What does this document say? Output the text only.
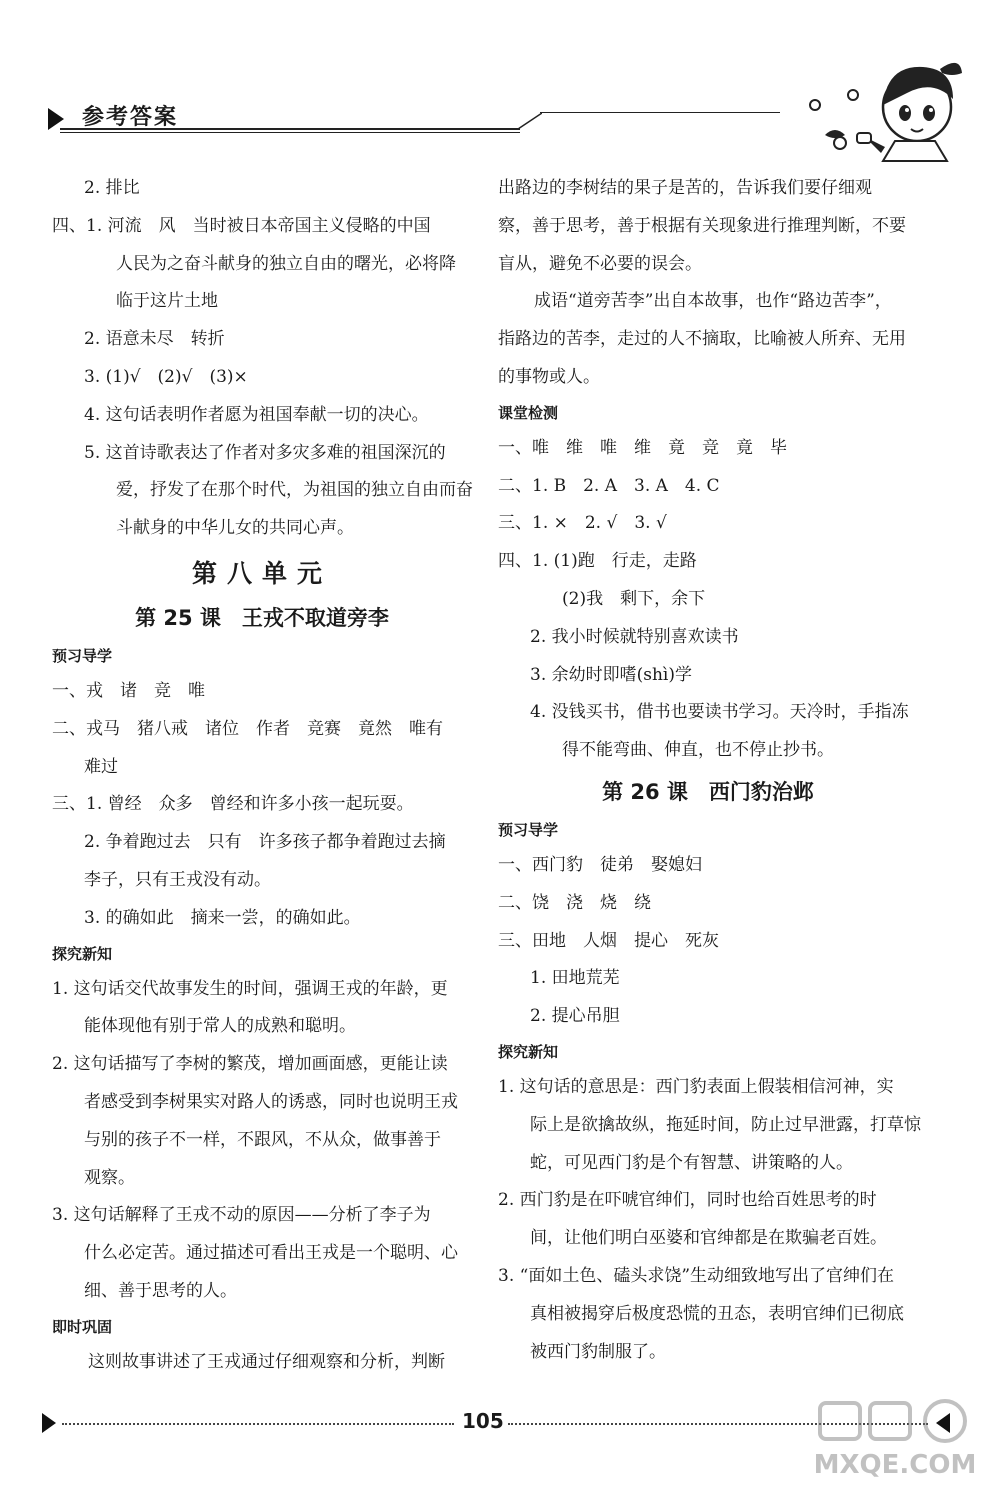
参考答案
2. 排比
四、1. 河流　风　当时被日本帝国主义侵略的中国
人民为之奋斗献身的独立自由的曙光，必将降
临于这片土地
2. 语意未尽　转折
3. (1)√　(2)√　(3)×
4. 这句话表明作者愿为祖国奉献一切的决心。
5. 这首诗歌表达了作者对多灾多难的祖国深沉的
爱，抒发了在那个时代，为祖国的独立自由而奋
斗献身的中华儿女的共同心声。
第八单元
第 25 课　王戎不取道旁李
预习导学
一、戎　诸　竞　唯
二、戎马　猪八戒　诸位　作者　竞赛　竟然　唯有
难过
三、1. 曾经　众多　曾经和许多小孩一起玩耍。
2. 争着跑过去　只有　许多孩子都争着跑过去摘
李子，只有王戎没有动。
3. 的确如此　摘来一尝，的确如此。
探究新知
1. 这句话交代故事发生的时间，强调王戎的年龄，更
能体现他有别于常人的成熟和聪明。
2. 这句话描写了李树的繁茂，增加画面感，更能让读
者感受到李树果实对路人的诱惑，同时也说明王戎
与别的孩子不一样，不跟风，不从众，做事善于
观察。
3. 这句话解释了王戎不动的原因——分析了李子为
什么必定苦。通过描述可看出王戎是一个聪明、心
细、善于思考的人。
即时巩固
这则故事讲述了王戎通过仔细观察和分析，判断
出路边的李树结的果子是苦的，告诉我们要仔细观
察，善于思考，善于根据有关现象进行推理判断，不要
盲从，避免不必要的误会。
成语“道旁苦李”出自本故事，也作“路边苦李”，
指路边的苦李，走过的人不摘取，比喻被人所弃、无用
的事物或人。
课堂检测
一、唯　维　唯　维　竟　竞　竟　毕
二、1. B　2. A　3. A　4. C
三、1. ×　2. √　3. √
四、1. (1)跑　行走，走路
(2)我　剩下，余下
2. 我小时候就特别喜欢读书
3. 余幼时即嗜(shì)学
4. 没钱买书，借书也要读书学习。天冷时，手指冻
得不能弯曲、伸直，也不停止抄书。
第 26 课　西门豹治邺
预习导学
一、西门豹　徒弟　娶媳妇
二、饶　浇　烧　绕
三、田地　人烟　提心　死灰
1. 田地荒芜
2. 提心吊胆
探究新知
1. 这句话的意思是：西门豹表面上假装相信河神，实
际上是欲擒故纵，拖延时间，防止过早泄露，打草惊
蛇，可见西门豹是个有智慧、讲策略的人。
2. 西门豹是在吓唬官绅们，同时也给百姓思考的时
间，让他们明白巫婆和官绅都是在欺骗老百姓。
3. “面如土色、磕头求饶”生动细致地写出了官绅们在
真相被揭穿后极度恐慌的丑态，表明官绅们已彻底
被西门豹制服了。
105
MXQE.COM
